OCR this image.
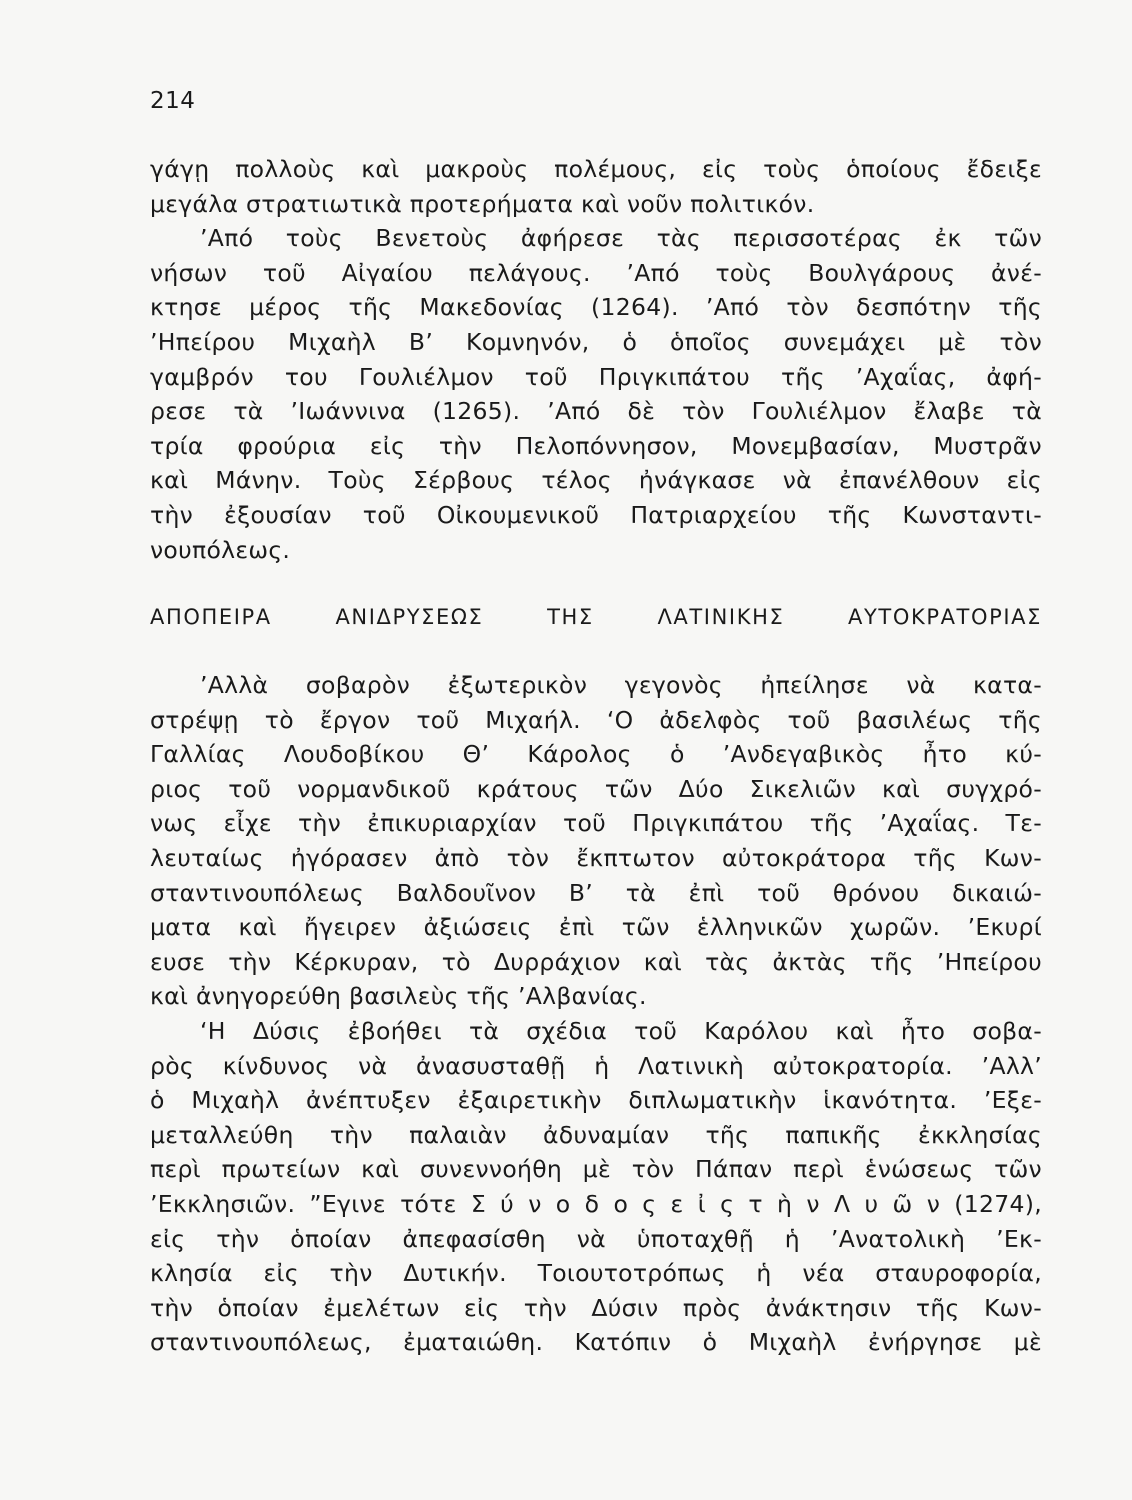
214
γάγῃ πολλοὺς καὶ μακροὺς πολέμους, εἰς τοὺς ὁποίους ἔδειξε
μεγάλα στρατιωτικὰ προτερήματα καὶ νοῦν πολιτικόν.
’Από τοὺς Βενετοὺς ἀφήρεσε τὰς περισσοτέρας ἐκ τῶν
νήσων τοῦ Αἰγαίου πελάγους. ’Από τοὺς Βουλγάρους ἀνέ-
κτησε μέρος τῆς Μακεδονίας (1264). ’Από τὸν δεσπότην τῆς
’Ηπείρου Μιχαὴλ Β’ Κομνηνόν, ὁ ὁποῖος συνεμάχει μὲ τὸν
γαμβρόν του Γουλιέλμον τοῦ Πριγκιπάτου τῆς ’Αχαΐας, ἀφή-
ρεσε τὰ ’Ιωάννινα (1265). ’Από δὲ τὸν Γουλιέλμον ἔλαβε τὰ
τρία φρούρια εἰς τὴν Πελοπόννησον, Μονεμβασίαν, Μυστρᾶν
καὶ Μάνην. Τοὺς Σέρβους τέλος ἠνάγκασε νὰ ἐπανέλθουν εἰς
τὴν ἐξουσίαν τοῦ Οἰκουμενικοῦ Πατριαρχείου τῆς Κωνσταντι-
νουπόλεως.
ΑΠΟΠΕΙΡΑ ΑΝΙΔΡΥΣΕΩΣ ΤΗΣ ΛΑΤΙΝΙΚΗΣ ΑΥΤΟΚΡΑΤΟΡΙΑΣ
’Αλλὰ σοβαρὸν ἐξωτερικὸν γεγονὸς ἠπείλησε νὰ κατα-
στρέψῃ τὸ ἔργον τοῦ Μιχαήλ. ‘Ο ἀδελφὸς τοῦ βασιλέως τῆς
Γαλλίας Λουδοβίκου Θ’ Κάρολος ὁ ’Ανδεγαβικὸς ἦτο κύ-
ριος τοῦ νορμανδικοῦ κράτους τῶν Δύο Σικελιῶν καὶ συγχρό-
νως εἶχε τὴν ἐπικυριαρχίαν τοῦ Πριγκιπάτου τῆς ’Αχαΐας. Τε-
λευταίως ἠγόρασεν ἀπὸ τὸν ἔκπτωτον αὐτοκράτορα τῆς Κων-
σταντινουπόλεως Βαλδουῖνον Β’ τὰ ἐπὶ τοῦ θρόνου δικαιώ-
ματα καὶ ἤγειρεν ἀξιώσεις ἐπὶ τῶν ἑλληνικῶν χωρῶν. ’Εκυρί
ευσε τὴν Κέρκυραν, τὸ Δυρράχιον καὶ τὰς ἀκτὰς τῆς ’Ηπείρου
καὶ ἀνηγορεύθη βασιλεὺς τῆς ’Αλβανίας.
‘Η Δύσις ἐβοήθει τὰ σχέδια τοῦ Καρόλου καὶ ἦτο σοβα-
ρὸς κίνδυνος νὰ ἀνασυσταθῇ ἡ Λατινικὴ αὐτοκρατορία. ’Αλλ’
ὁ Μιχαὴλ ἀνέπτυξεν ἐξαιρετικὴν διπλωματικὴν ἱκανότητα. ’Εξε-
μεταλλεύθη τὴν παλαιὰν ἀδυναμίαν τῆς παπικῆς ἐκκλησίας
περὶ πρωτείων καὶ συνεννοήθη μὲ τὸν Πάπαν περὶ ἑνώσεως τῶν
’Εκκλησιῶν. ”Εγινε τότε Σ ύ ν ο δ ο ς ε ἰ ς τ ὴ ν Λ υ ῶ ν (1274),
εἰς τὴν ὁποίαν ἀπεφασίσθη νὰ ὑποταχθῇ ἡ ’Ανατολικὴ ’Εκ-
κλησία εἰς τὴν Δυτικήν. Τοιουτοτρόπως ἡ νέα σταυροφορία,
τὴν ὁποίαν ἐμελέτων εἰς τὴν Δύσιν πρὸς ἀνάκτησιν τῆς Κων-
σταντινουπόλεως, ἐματαιώθη. Κατόπιν ὁ Μιχαὴλ ἐνήργησε μὲ
